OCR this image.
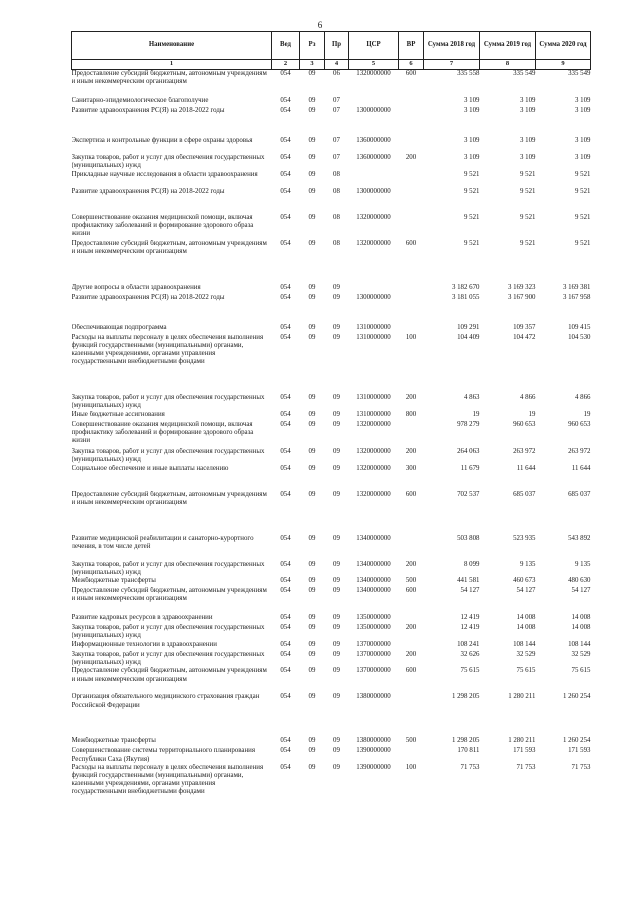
6
Наименование	Вед	Рз	Пр	ЦСР	ВР	Сумма 2018 год	Сумма 2019 год	Сумма 2020 год
1	2	3	4	5	6	7	8	9
Предоставление субсидий бюджетным, автономным учреждениям и иным некоммерческим организациям	054	09	06	1320000000	600	335 558	335 549	335 549
Санитарно-эпидемиологическое благополучие	054	09	07			3 109	3 109	3 109
Развитие здравоохранения РС(Я) на 2018-2022 годы	054	09	07	1300000000		3 109	3 109	3 109
Экспертиза и контрольные функции в сфере охраны здоровья	054	09	07	1360000000		3 109	3 109	3 109
Закупка товаров, работ и услуг для обеспечения государственных (муниципальных) нужд	054	09	07	1360000000	200	3 109	3 109	3 109
Прикладные научные исследования в области здравоохранения	054	09	08			9 521	9 521	9 521
Развитие здравоохранения РС(Я) на 2018-2022 годы	054	09	08	1300000000		9 521	9 521	9 521
Совершенствование оказания медицинской помощи, включая профилактику заболеваний и формирование здорового образа жизни	054	09	08	1320000000		9 521	9 521	9 521
Предоставление субсидий бюджетным, автономным учреждениям и иным некоммерческим организациям	054	09	08	1320000000	600	9 521	9 521	9 521
Другие вопросы в области здравоохранения	054	09	09			3 182 670	3 169 323	3 169 381
Развитие здравоохранения РС(Я) на 2018-2022 годы	054	09	09	1300000000		3 181 055	3 167 900	3 167 958
Обеспечивающая подпрограмма	054	09	09	1310000000		109 291	109 357	109 415
Расходы на выплаты персоналу в целях обеспечения выполнения функций государственными (муниципальными) органами, казенными учреждениями, органами управления государственными внебюджетными фондами	054	09	09	1310000000	100	104 409	104 472	104 530
Закупка товаров, работ и услуг для обеспечения государственных (муниципальных) нужд	054	09	09	1310000000	200	4 863	4 866	4 866
Иные бюджетные ассигнования	054	09	09	1310000000	800	19	19	19
Совершенствование оказания медицинской помощи, включая профилактику заболеваний и формирование здорового образа жизни	054	09	09	1320000000		978 279	960 653	960 653
Закупка товаров, работ и услуг для обеспечения государственных (муниципальных) нужд	054	09	09	1320000000	200	264 063	263 972	263 972
Социальное обеспечение и иные выплаты населению	054	09	09	1320000000	300	11 679	11 644	11 644
Предоставление субсидий бюджетным, автономным учреждениям и иным некоммерческим организациям	054	09	09	1320000000	600	702 537	685 037	685 037
Развитие медицинской реабилитации и санаторно-курортного лечения, в том числе детей	054	09	09	1340000000		503 808	523 935	543 892
Закупка товаров, работ и услуг для обеспечения государственных (муниципальных) нужд	054	09	09	1340000000	200	8 099	9 135	9 135
Межбюджетные трансферты	054	09	09	1340000000	500	441 581	460 673	480 630
Предоставление субсидий бюджетным, автономным учреждениям и иным некоммерческим организациям	054	09	09	1340000000	600	54 127	54 127	54 127
Развитие кадровых ресурсов в здравоохранении	054	09	09	1350000000		12 419	14 008	14 008
Закупка товаров, работ и услуг для обеспечения государственных (муниципальных) нужд	054	09	09	1350000000	200	12 419	14 008	14 008
Информационные технологии в здравоохранении	054	09	09	1370000000		108 241	108 144	108 144
Закупка товаров, работ и услуг для обеспечения государственных (муниципальных) нужд	054	09	09	1370000000	200	32 626	32 529	32 529
Предоставление субсидий бюджетным, автономным учреждениям и иным некоммерческим организациям	054	09	09	1370000000	600	75 615	75 615	75 615
Организация обязательного медицинского страхования граждан Российской Федерации	054	09	09	1380000000		1 298 205	1 280 211	1 260 254
Межбюджетные трансферты	054	09	09	1380000000	500	1 298 205	1 280 211	1 260 254
Совершенствование системы территориального планирования Республики Саха (Якутия)	054	09	09	1390000000		170 811	171 593	171 593
Расходы на выплаты персоналу в целях обеспечения выполнения функций государственными (муниципальными) органами, казенными учреждениями, органами управления государственными внебюджетными фондами	054	09	09	1390000000	100	71 753	71 753	71 753
